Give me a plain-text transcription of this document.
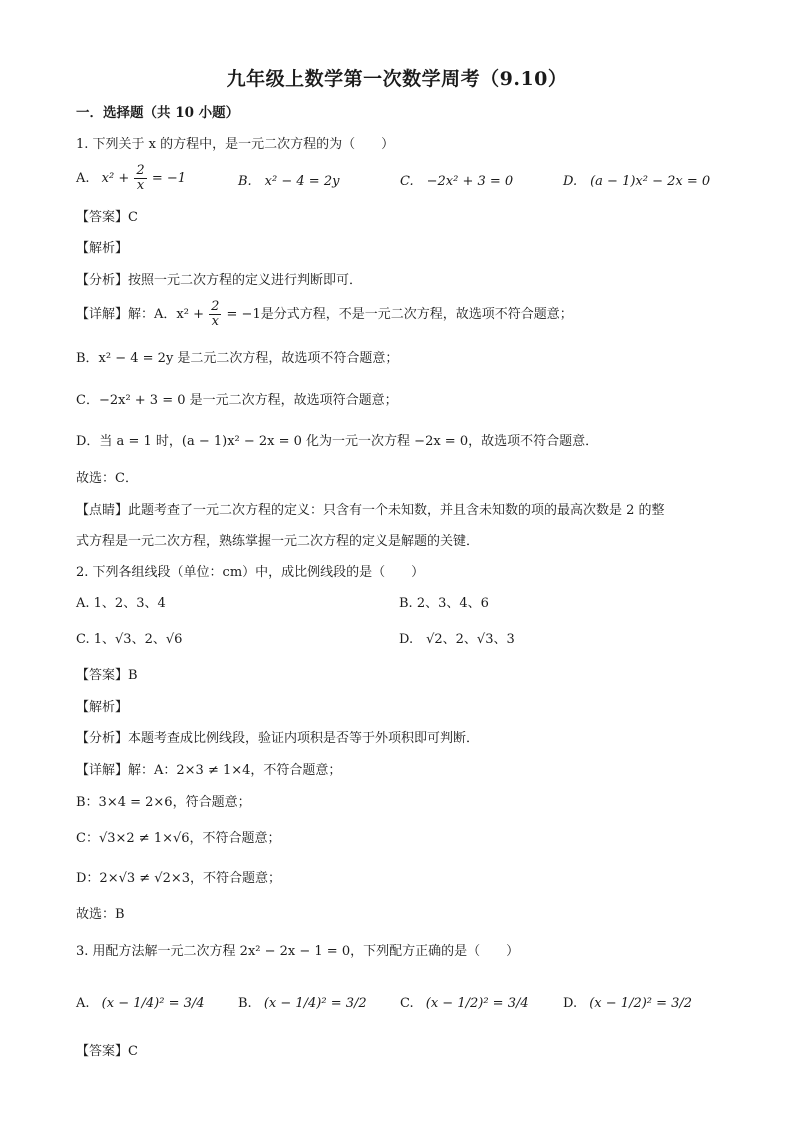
九年级上数学第一次数学周考（9.10）
一．选择题（共 10 小题）
1. 下列关于 x 的方程中，是一元二次方程的为（　　）
A. $x^2 + \frac{2}{x} = -1$	B.　x² − 4 = 2y	C.　−2x² + 3 = 0	D.　(a − 1)x² − 2x = 0
【答案】C
【解析】
【分析】按照一元二次方程的定义进行判断即可．
【详解】解：A．$x^2 + \frac{2}{x} = -1$是分式方程，不是一元二次方程，故选项不符合题意；
B．x² − 4 = 2y 是二元二次方程，故选项不符合题意；
C．−2x² + 3 = 0 是一元二次方程，故选项符合题意；
D．当 a = 1 时，(a − 1)x² − 2x = 0 化为一元一次方程 −2x = 0，故选项不符合题意．
故选：C．
【点睛】此题考查了一元二次方程的定义：只含有一个未知数，并且含未知数的项的最高次数是 2 的整
式方程是一元二次方程，熟练掌握一元二次方程的定义是解题的关键．
2. 下列各组线段（单位：cm）中，成比例线段的是（　　）
A. 1、2、3、4	B. 2、3、4、6
C. 1、√3、2、√6	D.　√2、2、√3、3
【答案】B
【解析】
【分析】本题考查成比例线段，验证内项积是否等于外项积即可判断．
【详解】解：A：2×3 ≠ 1×4，不符合题意；
B：3×4 = 2×6，符合题意；
C：√3×2 ≠ 1×√6，不符合题意；
D：2×√3 ≠ √2×3，不符合题意；
故选：B
3. 用配方法解一元二次方程 2x² − 2x − 1 = 0，下列配方正确的是（　　）
A. (x − 1/4)² = 3/4	B. (x − 1/4)² = 3/2	C. (x − 1/2)² = 3/4	D. (x − 1/2)² = 3/2
【答案】C
